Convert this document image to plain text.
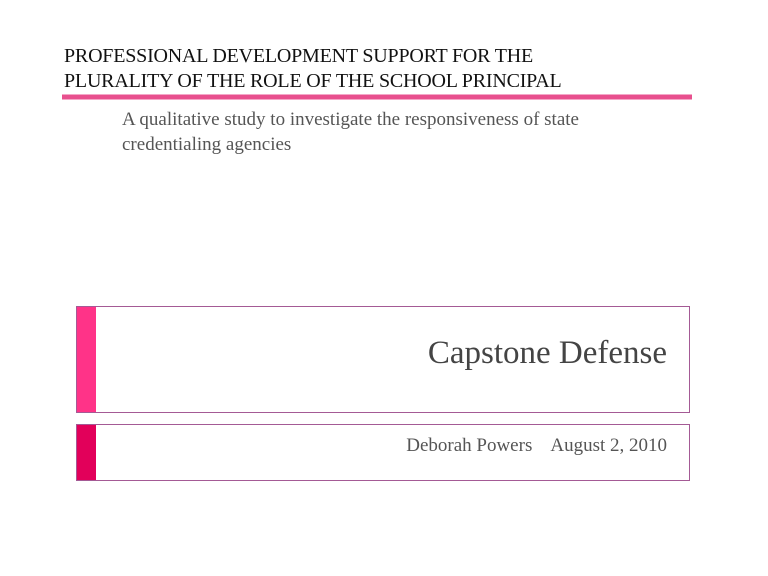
PROFESSIONAL DEVELOPMENT SUPPORT FOR THE
PLURALITY OF THE ROLE OF THE SCHOOL PRINCIPAL
A qualitative study to investigate the responsiveness of state credentialing agencies
Capstone Defense
Deborah Powers August 2, 2010
